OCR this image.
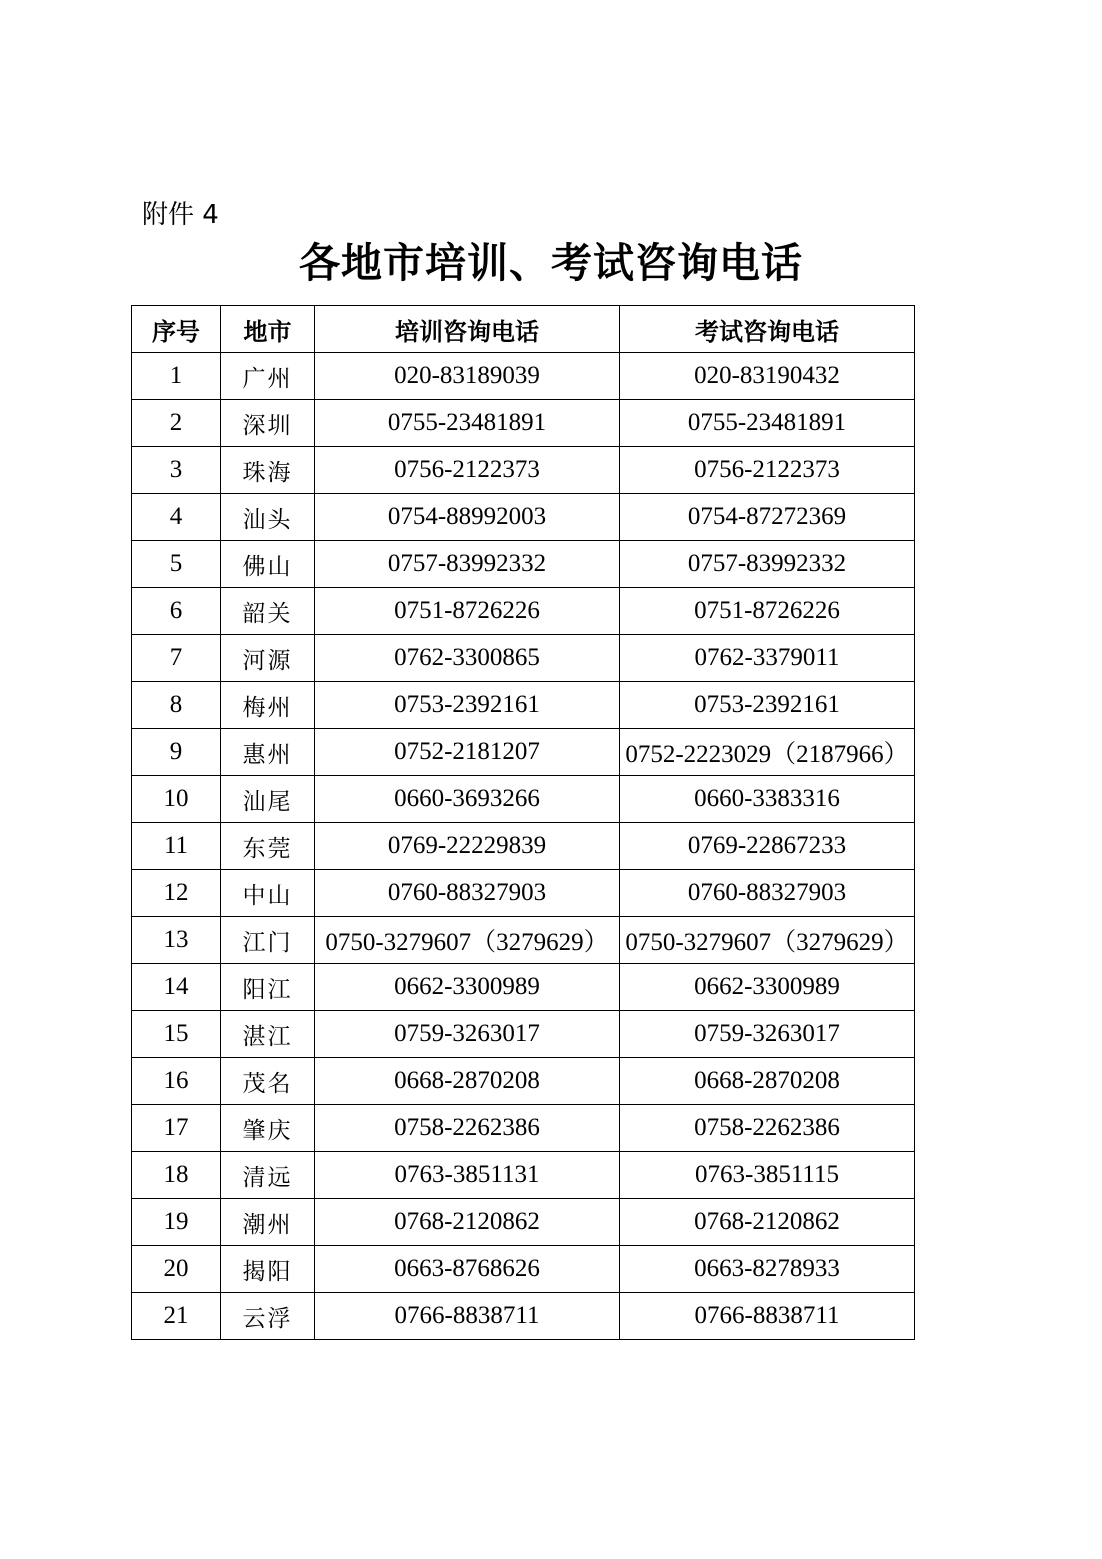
附件 4
各地市培训、考试咨询电话
序号	地市	培训咨询电话	考试咨询电话
1	广州	020-83189039	020-83190432
2	深圳	0755-23481891	0755-23481891
3	珠海	0756-2122373	0756-2122373
4	汕头	0754-88992003	0754-87272369
5	佛山	0757-83992332	0757-83992332
6	韶关	0751-8726226	0751-8726226
7	河源	0762-3300865	0762-3379011
8	梅州	0753-2392161	0753-2392161
9	惠州	0752-2181207	0752-2223029（2187966）
10	汕尾	0660-3693266	0660-3383316
11	东莞	0769-22229839	0769-22867233
12	中山	0760-88327903	0760-88327903
13	江门	0750-3279607（3279629）	0750-3279607（3279629）
14	阳江	0662-3300989	0662-3300989
15	湛江	0759-3263017	0759-3263017
16	茂名	0668-2870208	0668-2870208
17	肇庆	0758-2262386	0758-2262386
18	清远	0763-3851131	0763-3851115
19	潮州	0768-2120862	0768-2120862
20	揭阳	0663-8768626	0663-8278933
21	云浮	0766-8838711	0766-8838711
